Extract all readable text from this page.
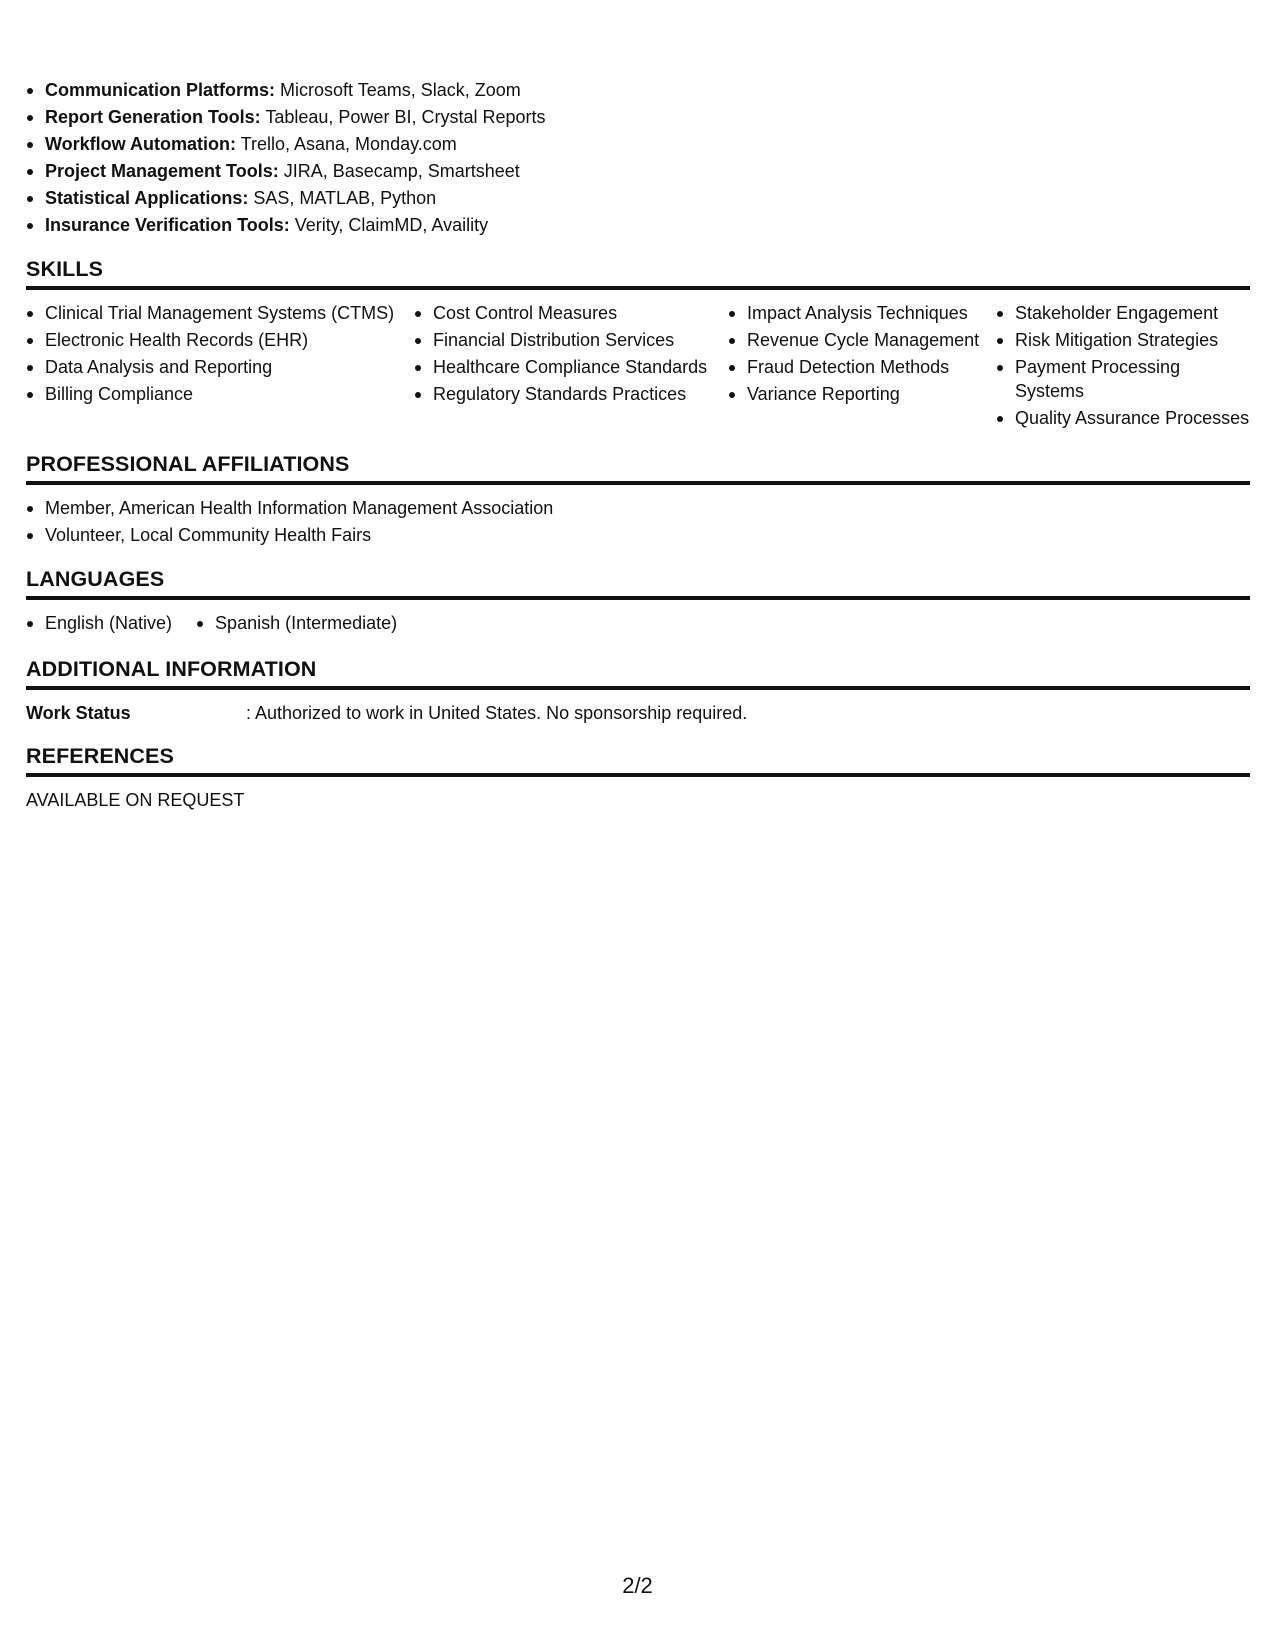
Communication Platforms: Microsoft Teams, Slack, Zoom
Report Generation Tools: Tableau, Power BI, Crystal Reports
Workflow Automation: Trello, Asana, Monday.com
Project Management Tools: JIRA, Basecamp, Smartsheet
Statistical Applications: SAS, MATLAB, Python
Insurance Verification Tools: Verity, ClaimMD, Availity
SKILLS
Clinical Trial Management Systems (CTMS)
Electronic Health Records (EHR)
Data Analysis and Reporting
Billing Compliance
Cost Control Measures
Financial Distribution Services
Healthcare Compliance Standards
Regulatory Standards Practices
Impact Analysis Techniques
Revenue Cycle Management
Fraud Detection Methods
Variance Reporting
Stakeholder Engagement
Risk Mitigation Strategies
Payment Processing Systems
Quality Assurance Processes
PROFESSIONAL AFFILIATIONS
Member, American Health Information Management Association
Volunteer, Local Community Health Fairs
LANGUAGES
English (Native)	Spanish (Intermediate)
ADDITIONAL INFORMATION
Work Status	: Authorized to work in United States. No sponsorship required.
REFERENCES
AVAILABLE ON REQUEST
2/2
